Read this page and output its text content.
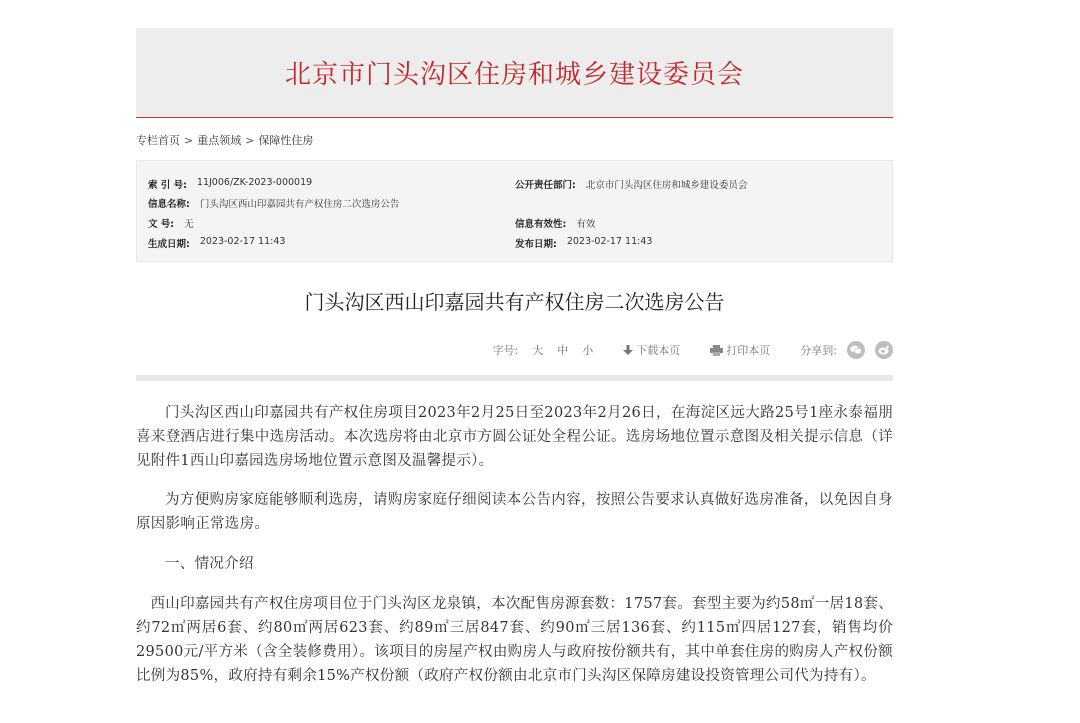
北京市门头沟区住房和城乡建设委员会
专栏首页 > 重点领域 > 保障性住房
索 引 号: 11J006/ZK-2023-000019	公开责任部门: 北京市门头沟区住房和城乡建设委员会
信息名称: 门头沟区西山印嘉园共有产权住房二次选房公告
文 号: 无	信息有效性: 有效
生成日期: 2023-02-17 11:43	发布日期: 2023-02-17 11:43
门头沟区西山印嘉园共有产权住房二次选房公告
字号: 大 中 小	下载本页	打印本页	分享到:

门头沟区西山印嘉园共有产权住房项目2023年2月25日至2023年2月26日，在海淀区远大路25号1座永泰福朋喜来登酒店进行集中选房活动。本次选房将由北京市方圆公证处全程公证。选房场地位置示意图及相关提示信息（详见附件1西山印嘉园选房场地位置示意图及温馨提示）。

为方便购房家庭能够顺利选房，请购房家庭仔细阅读本公告内容，按照公告要求认真做好选房准备，以免因自身原因影响正常选房。

一、情况介绍

西山印嘉园共有产权住房项目位于门头沟区龙泉镇，本次配售房源套数：1757套。套型主要为约58㎡一居18套、约72㎡两居6套、约80㎡两居623套、约89㎡三居847套、约90㎡三居136套、约115㎡四居127套，销售均价29500元/平方米（含全装修费用）。该项目的房屋产权由购房人与政府按份额共有，其中单套住房的购房人产权份额比例为85%，政府持有剩余15%产权份额（政府产权份额由北京市门头沟区保障房建设投资管理公司代为持有）。
